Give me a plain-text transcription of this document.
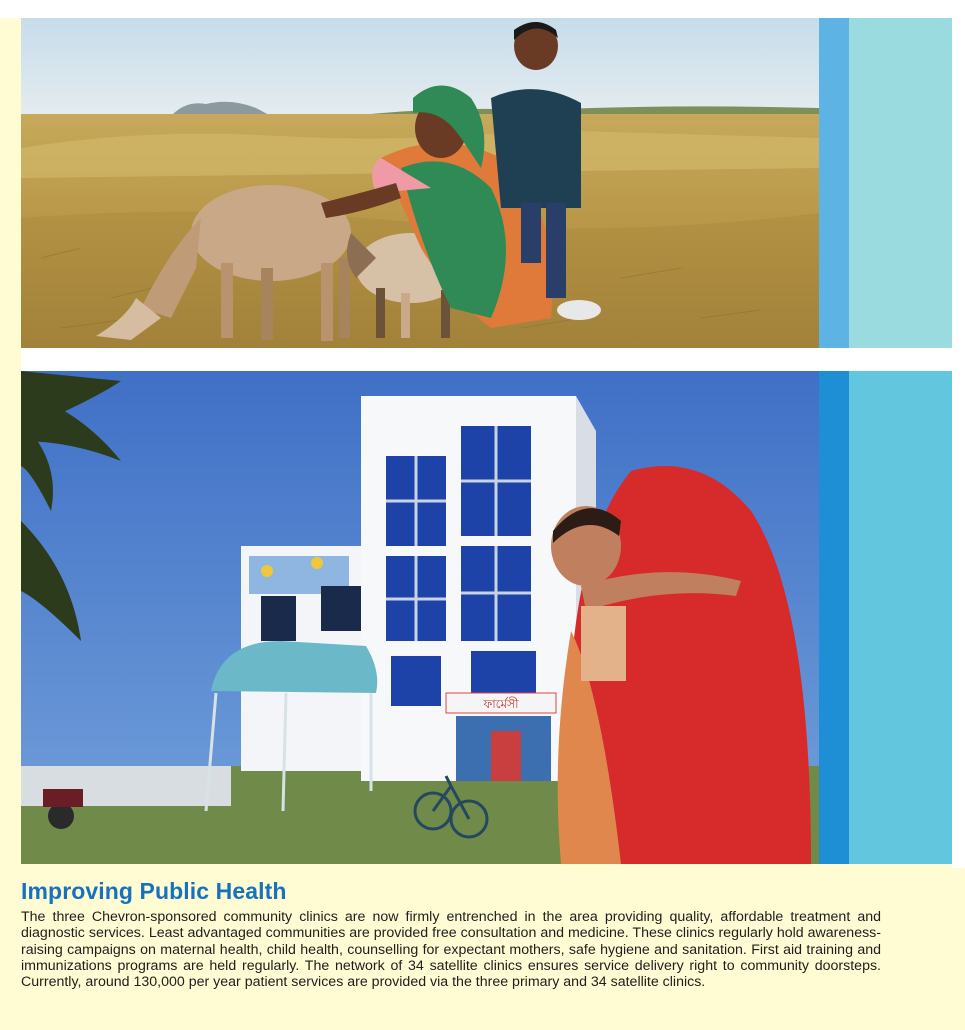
ফার্মেসী
Improving Public Health

The three Chevron-sponsored community clinics are now firmly entrenched in the area providing quality, affordable treatment and diagnostic services. Least advantaged communities are provided free consultation and medicine. These clinics regularly hold awareness-raising campaigns on maternal health, child health, counselling for expectant mothers, safe hygiene and sanitation. First aid training and immunizations programs are held regularly. The network of 34 satellite clinics ensures service delivery right to community doorsteps. Currently, around 130,000 per year patient services are provided via the three primary and 34 satellite clinics.
